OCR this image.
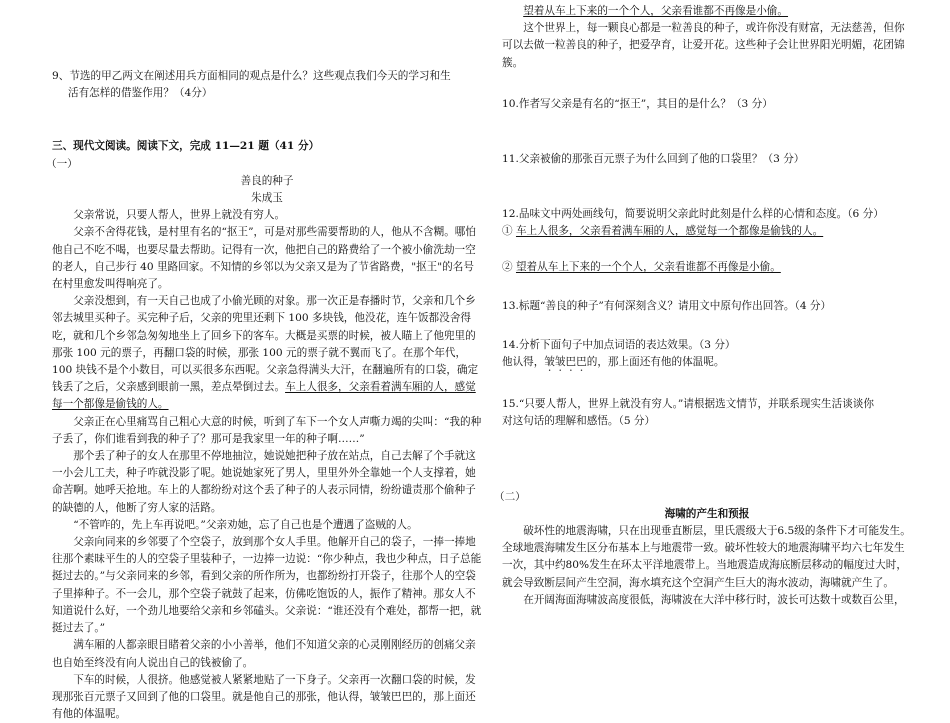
9、节选的甲乙两文在阐述用兵方面相同的观点是什么？这些观点我们今天的学习和生
活有怎样的借鉴作用？（4分）

三、现代文阅读。阅读下文，完成 11—21 题（41 分）

（一）

善良的种子

朱成玉

父亲常说，只要人帮人，世界上就没有穷人。

父亲不舍得花钱，是村里有名的“抠王”，可是对那些需要帮助的人，他从不含糊。哪怕他自己不吃不喝，也要尽量去帮助。记得有一次，他把自己的路费给了一个被小偷洗劫一空的老人，自己步行 40 里路回家。不知情的乡邻以为父亲又是为了节省路费，"抠王"的名号在村里愈发叫得响亮了。

父亲没想到，有一天自己也成了小偷光顾的对象。那一次正是春播时节，父亲和几个乡邻去城里买种子。买完种子后，父亲的兜里还剩下 100 多块钱，他没花，连午饭都没舍得吃，就和几个乡邻急匆匆地坐上了回乡下的客车。大概是买票的时候，被人瞄上了他兜里的那张 100 元的票子，再翻口袋的时候，那张 100 元的票子就不翼而飞了。在那个年代，100 块钱不是个小数目，可以买很多东西呢。父亲急得满头大汗，在翻遍所有的口袋，确定钱丢了之后，父亲感到眼前一黑，差点晕倒过去。车上人很多，父亲看着满车厢的人，感觉每一个都像是偷钱的人。

父亲正在心里痛骂自己粗心大意的时候，听到了车下一个女人声嘶力竭的尖叫：“我的种子丢了，你们谁看到我的种子了？那可是我家里一年的种子啊……”

那个丢了种子的女人在那里不停地抽泣，她说她把种子放在站点，自己去解了个手就这一小会儿工夫，种子咋就没影了呢。她说她家死了男人，里里外外全靠她一个人支撑着，她命苦啊。她呼天抢地。车上的人都纷纷对这个丢了种子的人表示同情，纷纷谴责那个偷种子的缺德的人，他断了穷人家的活路。

“不管咋的，先上车再说吧。”父亲劝她，忘了自己也是个遭遇了盗贼的人。

父亲向同来的乡邻要了个空袋子，放到那个女人手里。他解开自己的袋子，一捧一捧地往那个素昧平生的人的空袋子里装种子，一边捧一边说：“你少种点，我也少种点，日子总能挺过去的。”与父亲同来的乡邻，看到父亲的所作所为，也都纷纷打开袋子，往那个人的空袋子里捧种子。不一会儿，那个空袋子就鼓了起来，仿佛吃饱饭的人，振作了精神。那女人不知道说什么好，一个劲儿地要给父亲和乡邻磕头。父亲说：“谁还没有个难处，都帮一把，就挺过去了。”

满车厢的人都亲眼目睹着父亲的小小善举，他们不知道父亲的心灵刚刚经历的创痛父亲也自始至终没有向人说出自己的钱被偷了。

下车的时候，人很挤。他感觉被人紧紧地贴了一下身子。父亲再一次翻口袋的时候，发现那张百元票子又回到了他的口袋里。就是他自己的那张，他认得，皱皱巴巴的，那上面还有他的体温呢。

望着从车上下来的一个个人，父亲看谁都不再像是小偷。

这个世界上，每一颗良心都是一粒善良的种子，或许你没有财富，无法慈善，但你可以去做一粒善良的种子，把爱孕育，让爱开花。这些种子会让世界阳光明媚，花团锦簇。

10.作者写父亲是有名的“抠王”，其目的是什么？（3 分）

11.父亲被偷的那张百元票子为什么回到了他的口袋里？（3 分）

12.品味文中两处画线句，简要说明父亲此时此刻是什么样的心情和态度。（6 分）

① 车上人很多，父亲看着满车厢的人，感觉每一个都像是偷钱的人。

② 望着从车上下来的一个个人，父亲看谁都不再像是小偷。

13.标题“善良的种子”有何深刻含义？请用文中原句作出回答。（4 分）

14.分析下面句子中加点词语的表达效果。（3 分）

他认得，皱皱巴巴的，那上面还有他的体温呢。

15.“只要人帮人，世界上就没有穷人。”请根据选文情节，并联系现实生活谈谈你
对这句话的理解和感悟。（5 分）

（二）

海啸的产生和预报

破坏性的地震海啸，只在出现垂直断层，里氏震级大于6.5级的条件下才可能发生。全球地震海啸发生区分布基本上与地震带一致。破坏性较大的地震海啸平均六七年发生一次，其中约80%发生在环太平洋地震带上。当地震造成海底断层移动的幅度过大时，就会导致断层间产生空洞，海水填充这个空洞产生巨大的海水波动，海啸就产生了。

在开阔海面海啸波高度很低，海啸波在大洋中移行时，波长可达数十或数百公里，
